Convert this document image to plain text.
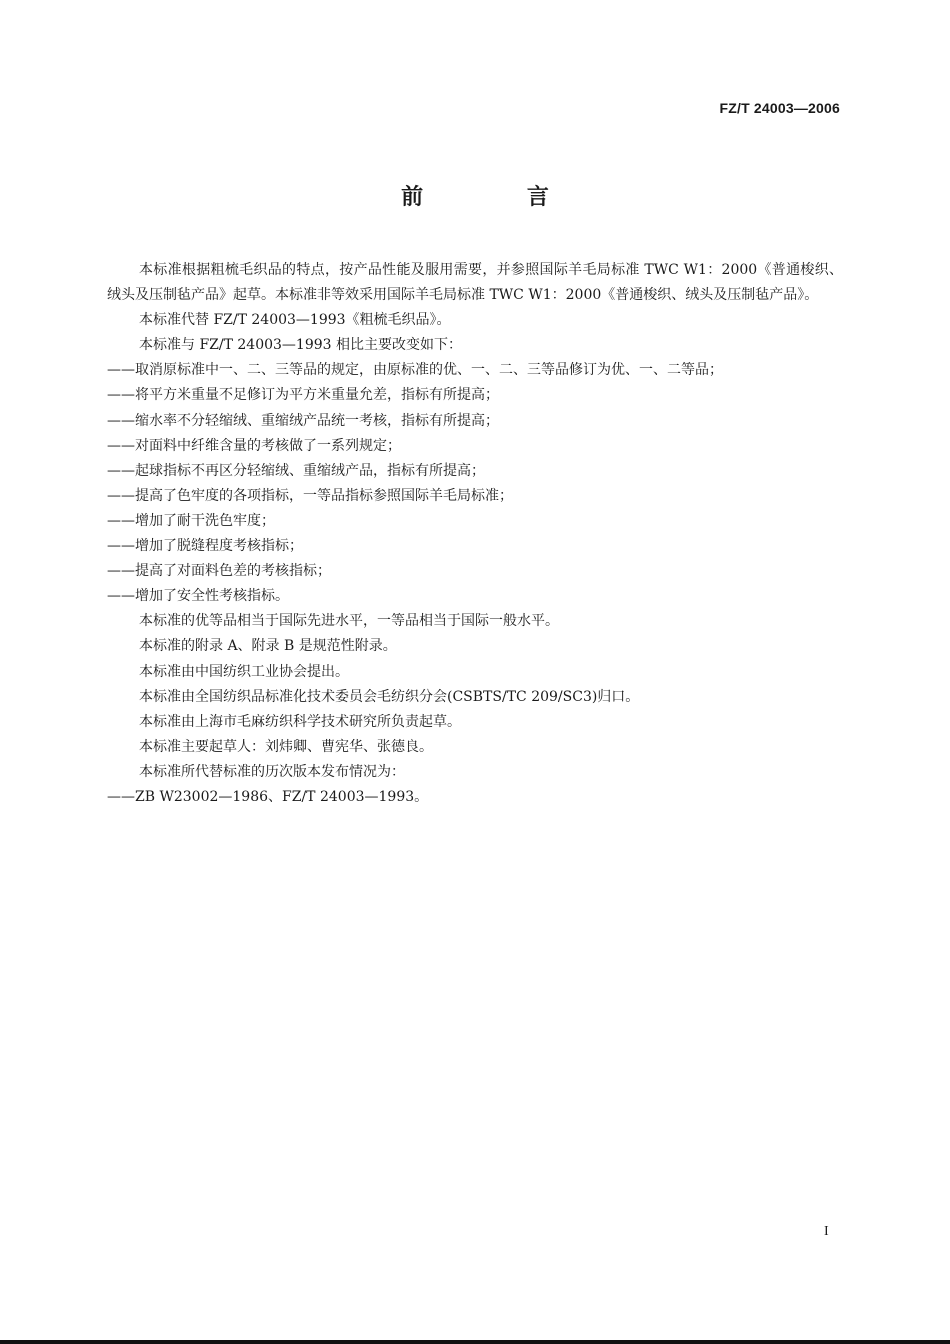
FZ/T 24003—2006
前 言

本标准根据粗梳毛织品的特点，按产品性能及服用需要，并参照国际羊毛局标准 TWC W1：2000《普通梭织、绒头及压制毡产品》起草。本标准非等效采用国际羊毛局标准 TWC W1：2000《普通梭织、绒头及压制毡产品》。

本标准代替 FZ/T 24003—1993《粗梳毛织品》。

本标准与 FZ/T 24003—1993 相比主要改变如下：

——取消原标准中一、二、三等品的规定，由原标准的优、一、二、三等品修订为优、一、二等品；

——将平方米重量不足修订为平方米重量允差，指标有所提高；

——缩水率不分轻缩绒、重缩绒产品统一考核，指标有所提高；

——对面料中纤维含量的考核做了一系列规定；

——起球指标不再区分轻缩绒、重缩绒产品，指标有所提高；

——提高了色牢度的各项指标，一等品指标参照国际羊毛局标准；

——增加了耐干洗色牢度；

——增加了脱缝程度考核指标；

——提高了对面料色差的考核指标；

——增加了安全性考核指标。

本标准的优等品相当于国际先进水平，一等品相当于国际一般水平。

本标准的附录 A、附录 B 是规范性附录。

本标准由中国纺织工业协会提出。

本标准由全国纺织品标准化技术委员会毛纺织分会(CSBTS/TC 209/SC3)归口。

本标准由上海市毛麻纺织科学技术研究所负责起草。

本标准主要起草人：刘炜卿、曹宪华、张德良。

本标准所代替标准的历次版本发布情况为：

——ZB W23002—1986、FZ/T 24003—1993。

I
